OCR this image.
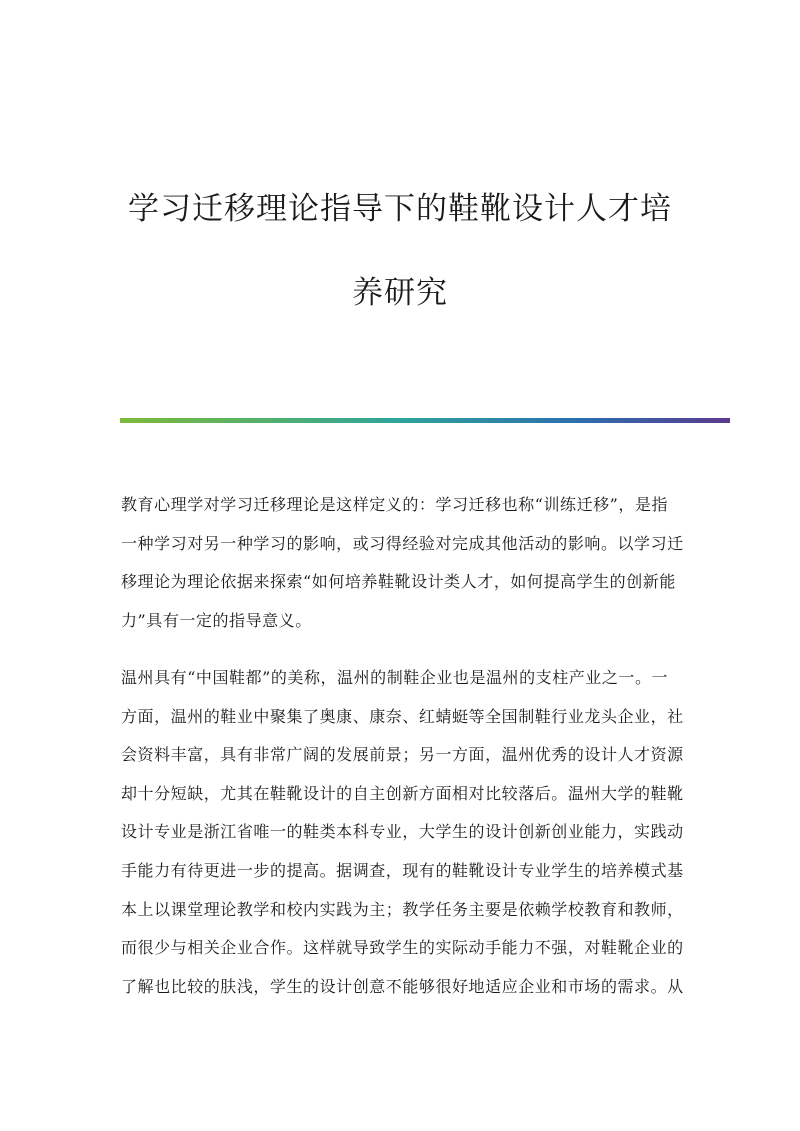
学习迁移理论指导下的鞋靴设计人才培
养研究
教育心理学对学习迁移理论是这样定义的：学习迁移也称“训练迁移”，是指
一种学习对另一种学习的影响，或习得经验对完成其他活动的影响。以学习迁
移理论为理论依据来探索“如何培养鞋靴设计类人才，如何提高学生的创新能
力”具有一定的指导意义。
温州具有“中国鞋都”的美称，温州的制鞋企业也是温州的支柱产业之一。一
方面，温州的鞋业中聚集了奥康、康奈、红蜻蜓等全国制鞋行业龙头企业，社
会资料丰富，具有非常广阔的发展前景；另一方面，温州优秀的设计人才资源
却十分短缺，尤其在鞋靴设计的自主创新方面相对比较落后。温州大学的鞋靴
设计专业是浙江省唯一的鞋类本科专业，大学生的设计创新创业能力，实践动
手能力有待更进一步的提高。据调查，现有的鞋靴设计专业学生的培养模式基
本上以课堂理论教学和校内实践为主；教学任务主要是依赖学校教育和教师，
而很少与相关企业合作。这样就导致学生的实际动手能力不强，对鞋靴企业的
了解也比较的肤浅，学生的设计创意不能够很好地适应企业和市场的需求。从
